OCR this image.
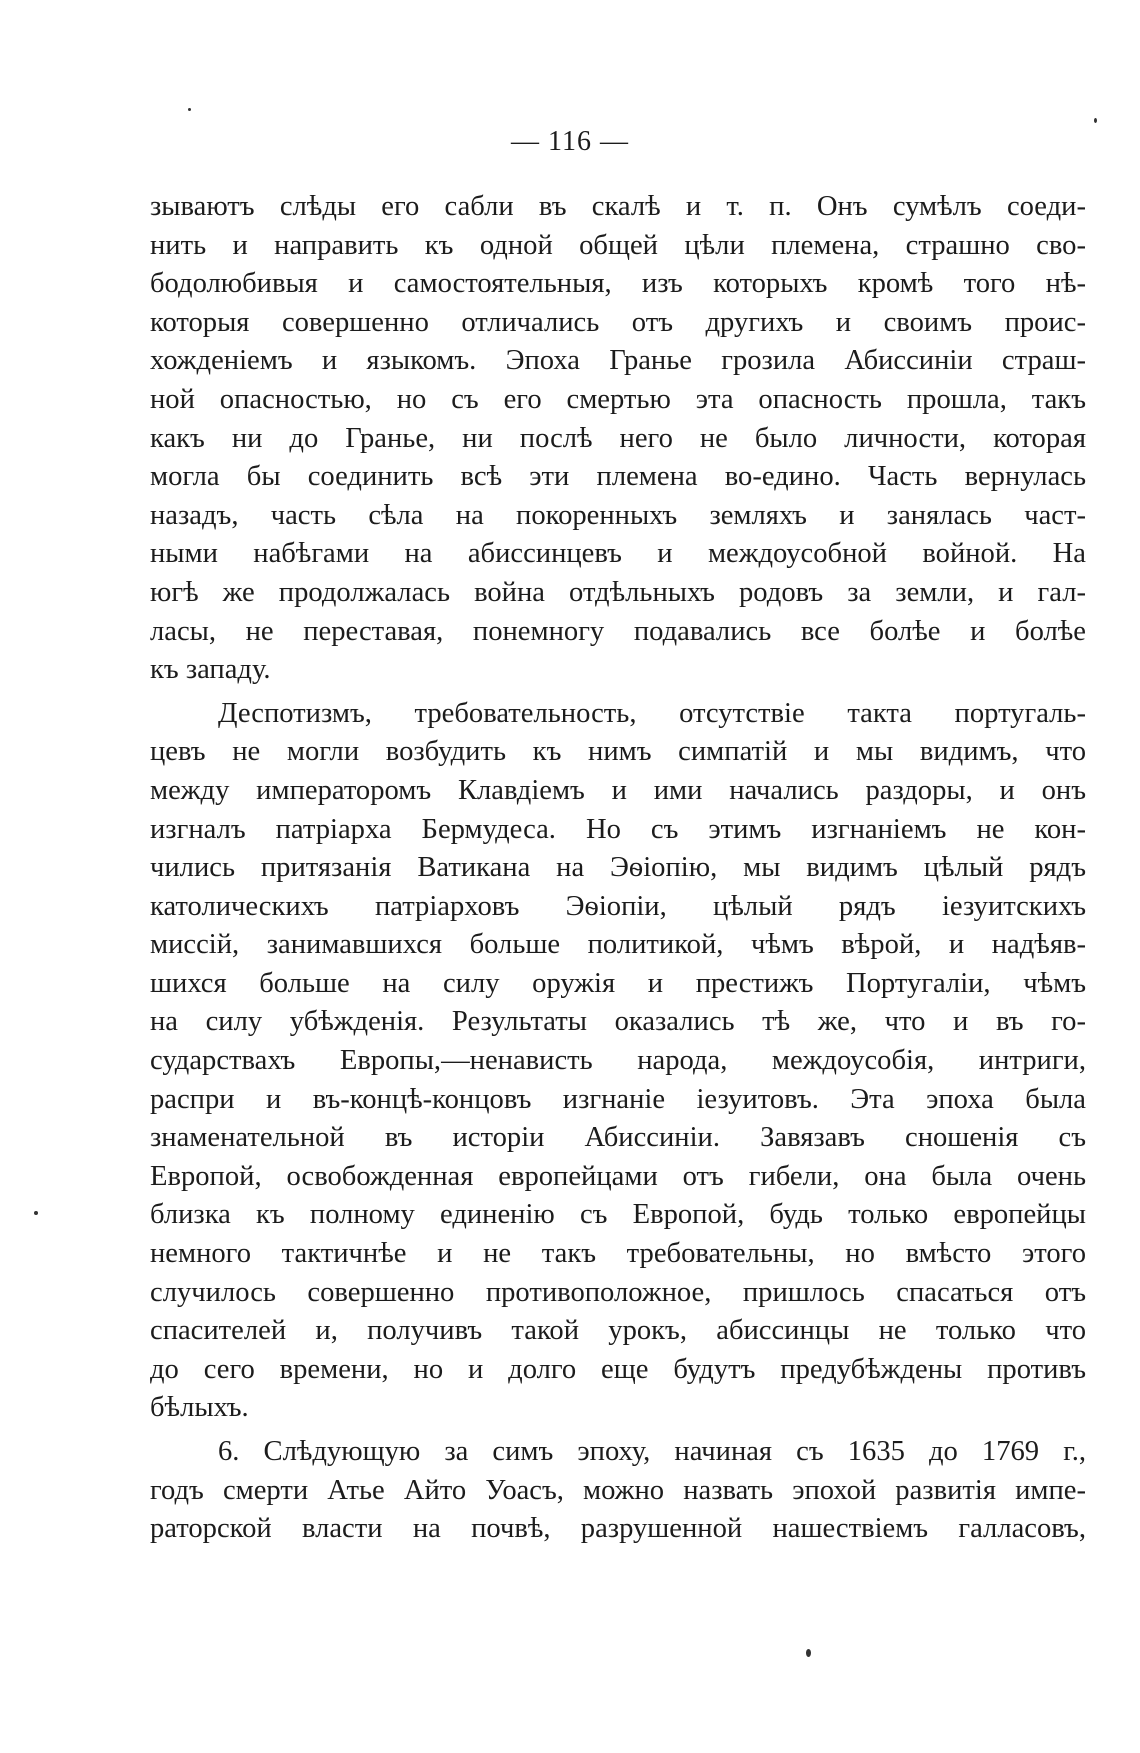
— 116 —
зываютъ слѣды его сабли въ скалѣ и т. п. Онъ сумѣлъ соеди-
нить и направить къ одной общей цѣли племена, страшно сво-
бодолюбивыя и самостоятельныя, изъ которыхъ кромѣ того нѣ-
которыя совершенно отличались отъ другихъ и своимъ проис-
хожденіемъ и языкомъ. Эпоха Гранье грозила Абиссиніи страш-
ной опасностью, но съ его смертью эта опасность прошла, такъ
какъ ни до Гранье, ни послѣ него не было личности, которая
могла бы соединить всѣ эти племена во-едино. Часть вернулась
назадъ, часть сѣла на покоренныхъ земляхъ и занялась част-
ными набѣгами на абиссинцевъ и междоусобной войной. На
югѣ же продолжалась война отдѣльныхъ родовъ за земли, и гал-
ласы, не переставая, понемногу подавались все болѣе и болѣе
къ западу.
Деспотизмъ, требовательность, отсутствіе такта португаль-
цевъ не могли возбудить къ нимъ симпатій и мы видимъ, что
между императоромъ Клавдіемъ и ими начались раздоры, и онъ
изгналъ патріарха Бермудеса. Но съ этимъ изгнаніемъ не кон-
чились притязанія Ватикана на Эѳіопію, мы видимъ цѣлый рядъ
католическихъ патріарховъ Эѳіопіи, цѣлый рядъ іезуитскихъ
миссій, занимавшихся больше политикой, чѣмъ вѣрой, и надѣяв-
шихся больше на силу оружія и престижъ Португаліи, чѣмъ
на силу убѣжденія. Результаты оказались тѣ же, что и въ го-
сударствахъ Европы,—ненависть народа, междоусобія, интриги,
распри и въ-концѣ-концовъ изгнаніе іезуитовъ. Эта эпоха была
знаменательной въ исторіи Абиссиніи. Завязавъ сношенія съ
Европой, освобожденная европейцами отъ гибели, она была очень
близка къ полному единенію съ Европой, будь только европейцы
немного тактичнѣе и не такъ требовательны, но вмѣсто этого
случилось совершенно противоположное, пришлось спасаться отъ
спасителей и, получивъ такой урокъ, абиссинцы не только что
до сего времени, но и долго еще будутъ предубѣждены противъ
бѣлыхъ.
6. Слѣдующую за симъ эпоху, начиная съ 1635 до 1769 г.,
годъ смерти Атье Айто Уоасъ, можно назвать эпохой развитія импе-
раторской власти на почвѣ, разрушенной нашествіемъ галласовъ,
